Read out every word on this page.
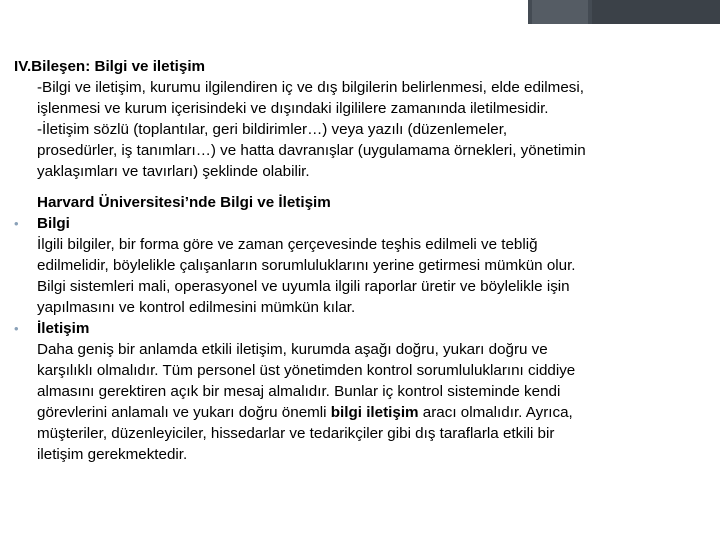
IV.Bileşen: Bilgi ve iletişim

-Bilgi ve iletişim, kurumu ilgilendiren iç ve dış bilgilerin belirlenmesi, elde edilmesi,

işlenmesi ve kurum içerisindeki ve dışındaki ilgililere zamanında iletilmesidir.

-İletişim sözlü (toplantılar, geri bildirimler…) veya yazılı (düzenlemeler,

prosedürler, iş tanımları…) ve hatta davranışlar (uygulamama örnekleri, yönetimin

yaklaşımları ve tavırları) şeklinde olabilir.

Harvard Üniversitesi’nde Bilgi ve İletişim

• Bilgi

İlgili bilgiler, bir forma göre ve zaman çerçevesinde teşhis edilmeli ve tebliğ

edilmelidir, böylelikle çalışanların sorumluluklarını yerine getirmesi mümkün olur.

Bilgi sistemleri mali, operasyonel ve uyumla ilgili raporlar üretir ve böylelikle işin

yapılmasını ve kontrol edilmesini mümkün kılar.

• İletişim

Daha geniş bir anlamda etkili iletişim, kurumda aşağı doğru, yukarı doğru ve

karşılıklı olmalıdır. Tüm personel üst yönetimden kontrol sorumluluklarını ciddiye

almasını gerektiren açık bir mesaj almalıdır. Bunlar iç kontrol sisteminde kendi

görevlerini anlamalı ve yukarı doğru önemli bilgi iletişim aracı olmalıdır. Ayrıca,

müşteriler, düzenleyiciler, hissedarlar ve tedarikçiler gibi dış taraflarla etkili bir

iletişim gerekmektedir.
